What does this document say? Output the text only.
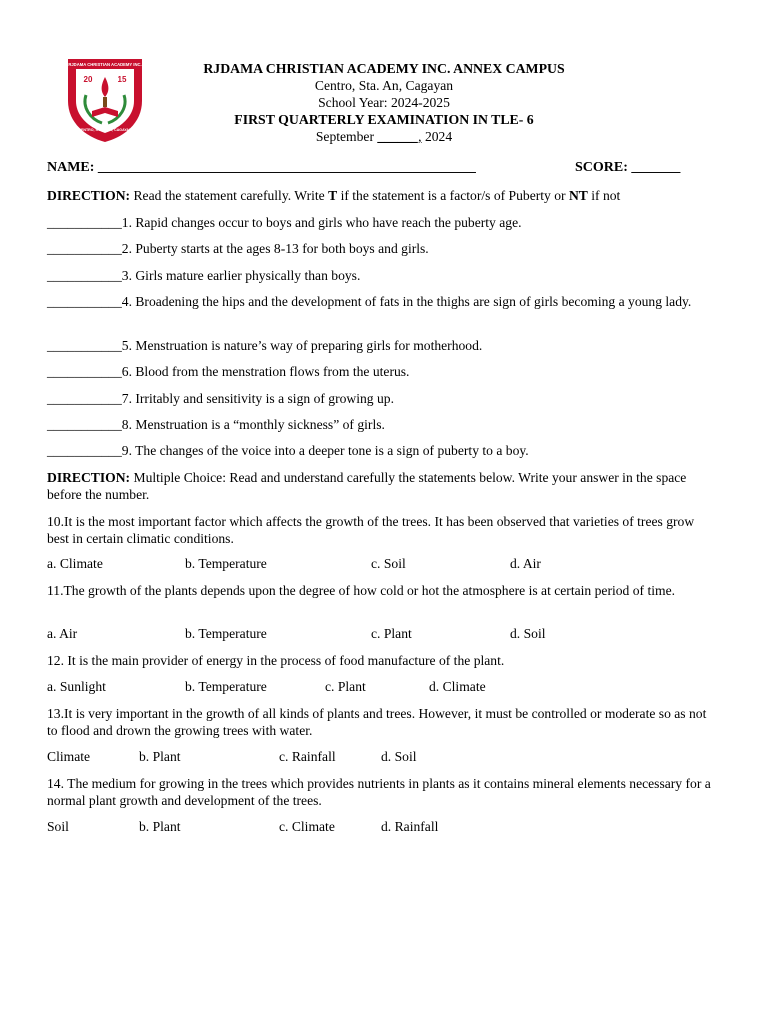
RJDAMA CHRISTIAN ACADEMY INC.
20	15
CENTRO, STA. ANA, CAGAYAN
RJDAMA CHRISTIAN ACADEMY INC. ANNEX CAMPUS
Centro, Sta. An, Cagayan
School Year: 2024-2025
FIRST QUARTERLY EXAMINATION IN TLE- 6
September ______, 2024
NAME: ______________________________________________________	SCORE: _______
DIRECTION: Read the statement carefully. Write T if the statement is a factor/s of Puberty or NT if not
___________1. Rapid changes occur to boys and girls who have reach the puberty age.
___________2. Puberty starts at the ages 8-13 for both boys and girls.
___________3. Girls mature earlier physically than boys.
___________4. Broadening the hips and the development of fats in the thighs are sign of girls becoming a young lady.
___________5. Menstruation is nature’s way of preparing girls for motherhood.
___________6. Blood from the menstration flows from the uterus.
___________7. Irritably and sensitivity is a sign of growing up.
___________8. Menstruation is a “monthly sickness” of girls.
___________9. The changes of the voice into a deeper tone is a sign of puberty to a boy.
DIRECTION: Multiple Choice: Read and understand carefully the statements below. Write your answer in the space before the number.
10.It is the most important factor which affects the growth of the trees. It has been observed that varieties of trees grow best in certain climatic conditions.
a. Climate	b. Temperature	c. Soil	d. Air
11.The growth of the plants depends upon the degree of how cold or hot the atmosphere is at certain period of time.
a. Air	b. Temperature	c. Plant	d. Soil
12. It is the main provider of energy in the process of food manufacture of the plant.
a. Sunlight	b. Temperature	c. Plant	d. Climate
13.It is very important in the growth of all kinds of plants and trees. However, it must be controlled or moderate so as not to flood and drown the growing trees with water.
Climate	b. Plant	c. Rainfall	d. Soil
14. The medium for growing in the trees which provides nutrients in plants as it contains mineral elements necessary for a normal plant growth and development of the trees.
Soil	b. Plant	c. Climate	d. Rainfall
